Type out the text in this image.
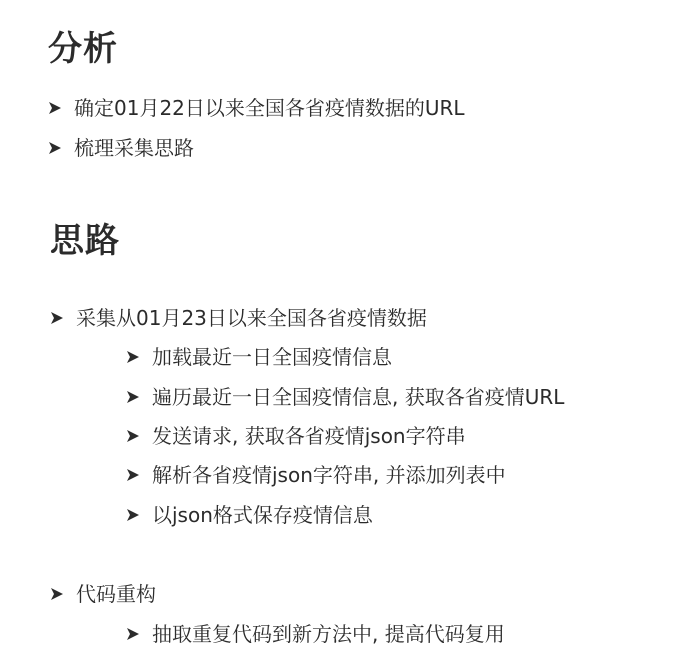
分析
确定01月22日以来全国各省疫情数据的URL
梳理采集思路
思路
采集从01月23日以来全国各省疫情数据
加载最近一日全国疫情信息
遍历最近一日全国疫情信息, 获取各省疫情URL
发送请求, 获取各省疫情json字符串
解析各省疫情json字符串, 并添加列表中
以json格式保存疫情信息
代码重构
抽取重复代码到新方法中, 提高代码复用
